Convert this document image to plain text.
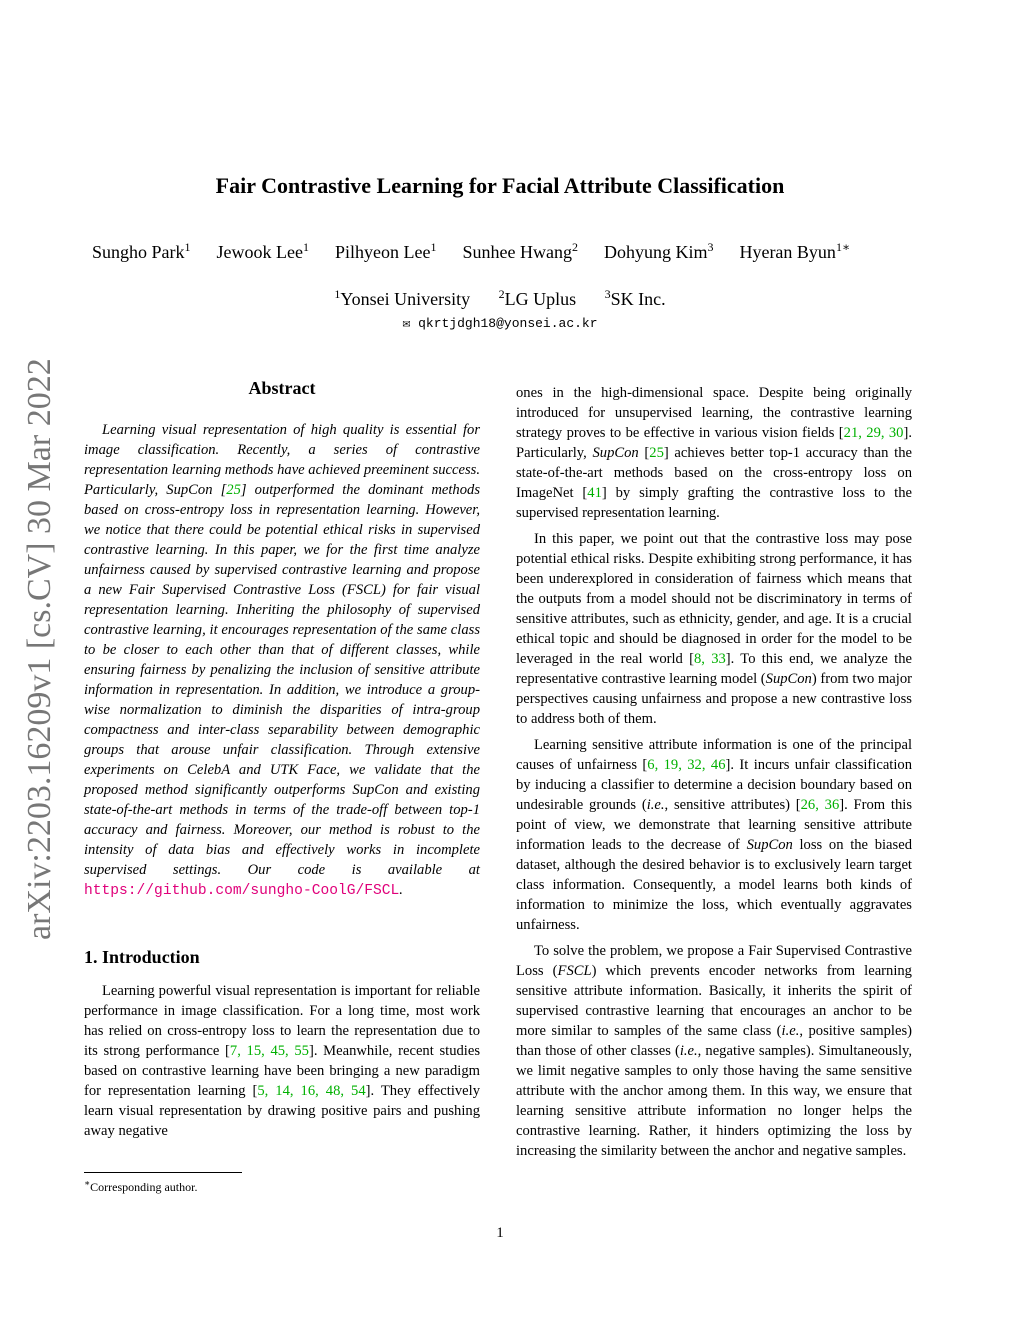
arXiv:2203.16209v1 [cs.CV] 30 Mar 2022
Fair Contrastive Learning for Facial Attribute Classification
Sungho Park$^1$ Jewook Lee$^1$ Pilhyeon Lee$^1$ Sunhee Hwang$^2$ Dohyung Kim$^3$ Hyeran Byun$^{1∗}$
$^1$Yonsei University $^2$LG Uplus $^3$SK Inc.
✉ qkrtjdgh18@yonsei.ac.kr
Abstract

Learning visual representation of high quality is essential for image classification. Recently, a series of contrastive representation learning methods have achieved preeminent success. Particularly, SupCon [25] outperformed the dominant methods based on cross-entropy loss in representation learning. However, we notice that there could be potential ethical risks in supervised contrastive learning. In this paper, we for the first time analyze unfairness caused by supervised contrastive learning and propose a new Fair Supervised Contrastive Loss (FSCL) for fair visual representation learning. Inheriting the philosophy of supervised contrastive learning, it encourages representation of the same class to be closer to each other than that of different classes, while ensuring fairness by penalizing the inclusion of sensitive attribute information in representation. In addition, we introduce a group-wise normalization to diminish the disparities of intra-group compactness and inter-class separability between demographic groups that arouse unfair classification. Through extensive experiments on CelebA and UTK Face, we validate that the proposed method significantly outperforms SupCon and existing state-of-the-art methods in terms of the trade-off between top-1 accuracy and fairness. Moreover, our method is robust to the intensity of data bias and effectively works in incomplete supervised settings. Our code is available at https://github.com/sungho-CoolG/FSCL.

1. Introduction

Learning powerful visual representation is important for reliable performance in image classification. For a long time, most work has relied on cross-entropy loss to learn the representation due to its strong performance [7, 15, 45, 55]. Meanwhile, recent studies based on contrastive learning have been bringing a new paradigm for representation learning [5, 14, 16, 48, 54]. They effectively learn visual representation by drawing positive pairs and pushing away negative

ones in the high-dimensional space. Despite being originally introduced for unsupervised learning, the contrastive learning strategy proves to be effective in various vision fields [21, 29, 30]. Particularly, SupCon [25] achieves better top-1 accuracy than the state-of-the-art methods based on the cross-entropy loss on ImageNet [41] by simply grafting the contrastive loss to the supervised representation learning.

In this paper, we point out that the contrastive loss may pose potential ethical risks. Despite exhibiting strong performance, it has been underexplored in consideration of fairness which means that the outputs from a model should not be discriminatory in terms of sensitive attributes, such as ethnicity, gender, and age. It is a crucial ethical topic and should be diagnosed in order for the model to be leveraged in the real world [8, 33]. To this end, we analyze the representative contrastive learning model (SupCon) from two major perspectives causing unfairness and propose a new contrastive loss to address both of them.

Learning sensitive attribute information is one of the principal causes of unfairness [6, 19, 32, 46]. It incurs unfair classification by inducing a classifier to determine a decision boundary based on undesirable grounds (i.e., sensitive attributes) [26, 36]. From this point of view, we demonstrate that learning sensitive attribute information leads to the decrease of SupCon loss on the biased dataset, although the desired behavior is to exclusively learn target class information. Consequently, a model learns both kinds of information to minimize the loss, which eventually aggravates unfairness.

To solve the problem, we propose a Fair Supervised Contrastive Loss (FSCL) which prevents encoder networks from learning sensitive attribute information. Basically, it inherits the spirit of supervised contrastive learning that encourages an anchor to be more similar to samples of the same class (i.e., positive samples) than those of other classes (i.e., negative samples). Simultaneously, we limit negative samples to only those having the same sensitive attribute with the anchor among them. In this way, we ensure that learning sensitive attribute information no longer helps the contrastive learning. Rather, it hinders optimizing the loss by increasing the similarity between the anchor and negative samples.

∗Corresponding author.
1
